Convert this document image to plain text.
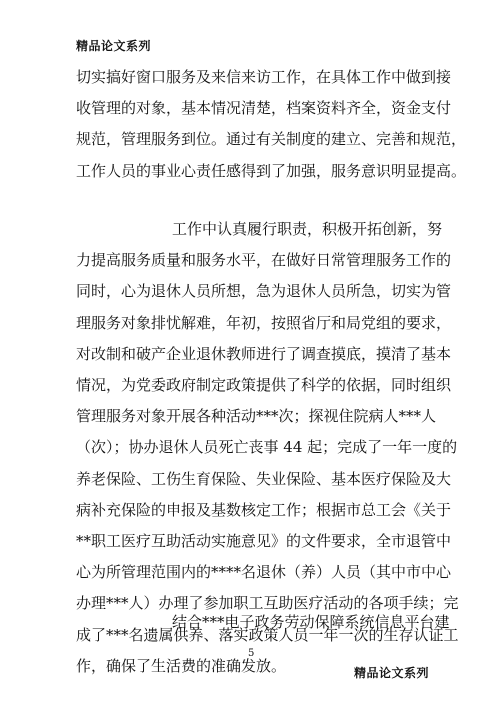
精品论文系列
切实搞好窗口服务及来信来访工作，在具体工作中做到接
收管理的对象，基本情况清楚，档案资料齐全，资金支付
规范，管理服务到位。通过有关制度的建立、完善和规范，
工作人员的事业心责任感得到了加强，服务意识明显提高。
工作中认真履行职责，积极开拓创新，努
力提高服务质量和服务水平，在做好日常管理服务工作的
同时，心为退休人员所想，急为退休人员所急，切实为管
理服务对象排忧解难，年初，按照省厅和局党组的要求，
对改制和破产企业退休教师进行了调查摸底，摸清了基本
情况，为党委政府制定政策提供了科学的依据，同时组织
管理服务对象开展各种活动***次；探视住院病人***人
（次）；协办退休人员死亡丧事 44 起；完成了一年一度的
养老保险、工伤生育保险、失业保险、基本医疗保险及大
病补充保险的申报及基数核定工作；根据市总工会《关于
**职工医疗互助活动实施意见》的文件要求，全市退管中
心为所管理范围内的****名退休（养）人员（其中市中心
办理***人）办理了参加职工互助医疗活动的各项手续；完
成了***名遗属供养、落实政策人员一年一次的生存认证工
作，确保了生活费的准确发放。
结合***电子政务劳动保障系统信息平台建
5
精品论文系列
